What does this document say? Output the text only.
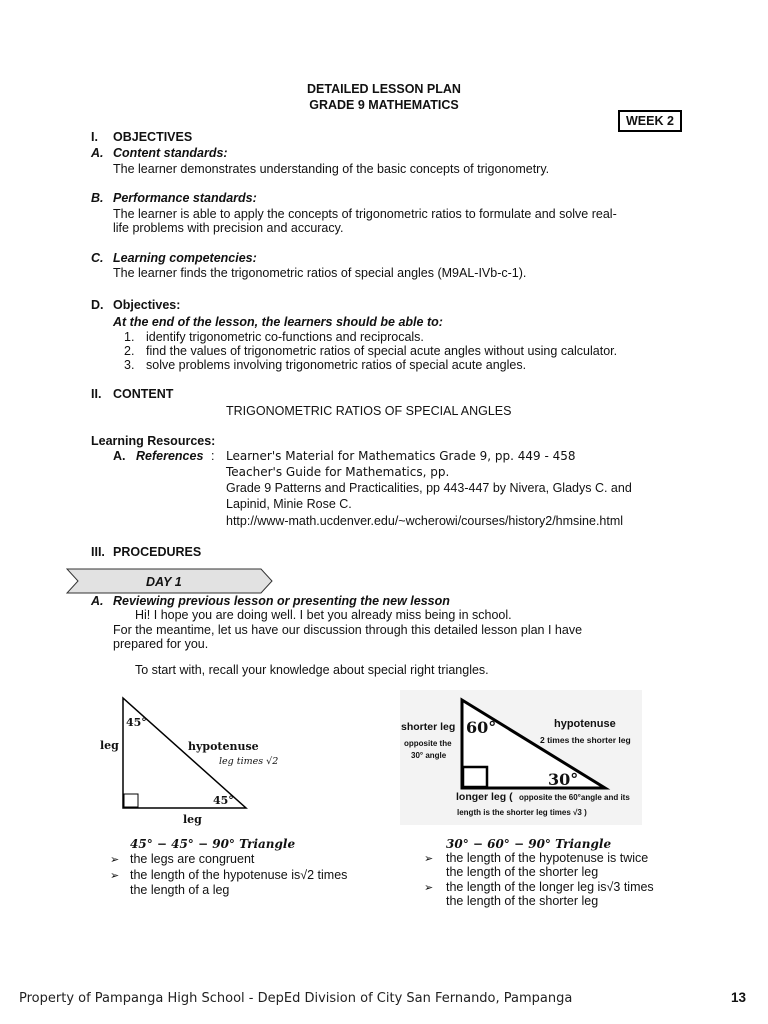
DETAILED LESSON PLAN
GRADE 9 MATHEMATICS
WEEK 2
I. OBJECTIVES
A. Content standards:
The learner demonstrates understanding of the basic concepts of trigonometry.
B. Performance standards:
The learner is able to apply the concepts of trigonometric ratios to formulate and solve real-
life problems with precision and accuracy.
C. Learning competencies:
The learner finds the trigonometric ratios of special angles (M9AL-IVb-c-1).
D. Objectives:
At the end of the lesson, the learners should be able to:
1. identify trigonometric co-functions and reciprocals.
2. find the values of trigonometric ratios of special acute angles without using calculator.
3. solve problems involving trigonometric ratios of special acute angles.
II. CONTENT
TRIGONOMETRIC RATIOS OF SPECIAL ANGLES
Learning Resources:
A. References : Learner's Material for Mathematics Grade 9, pp. 449 - 458
Teacher's Guide for Mathematics, pp.
Grade 9 Patterns and Practicalities, pp 443-447 by Nivera, Gladys C. and
Lapinid, Minie Rose C.
http://www-math.ucdenver.edu/~wcherowi/courses/history2/hmsine.html
III. PROCEDURES
DAY 1
A. Reviewing previous lesson or presenting the new lesson
Hi! I hope you are doing well. I bet you already miss being in school.
For the meantime, let us have our discussion through this detailed lesson plan I have
prepared for you.
To start with, recall your knowledge about special right triangles.
45°
45°
leg
leg
hypotenuse
leg times √2
shorter leg 60°
opposite the
30° angle
hypotenuse
2 times the shorter leg
30°
longer leg ( opposite the 60°angle and its
length is the shorter leg times √3 )
45° − 45° − 90° Triangle
➢ the legs are congruent
➢ the length of the hypotenuse is√2 times
the length of a leg
30° − 60° − 90° Triangle
➢ the length of the hypotenuse is twice
the length of the shorter leg
➢ the length of the longer leg is√3 times
the length of the shorter leg
Property of Pampanga High School - DepEd Division of City San Fernando, Pampanga	13
